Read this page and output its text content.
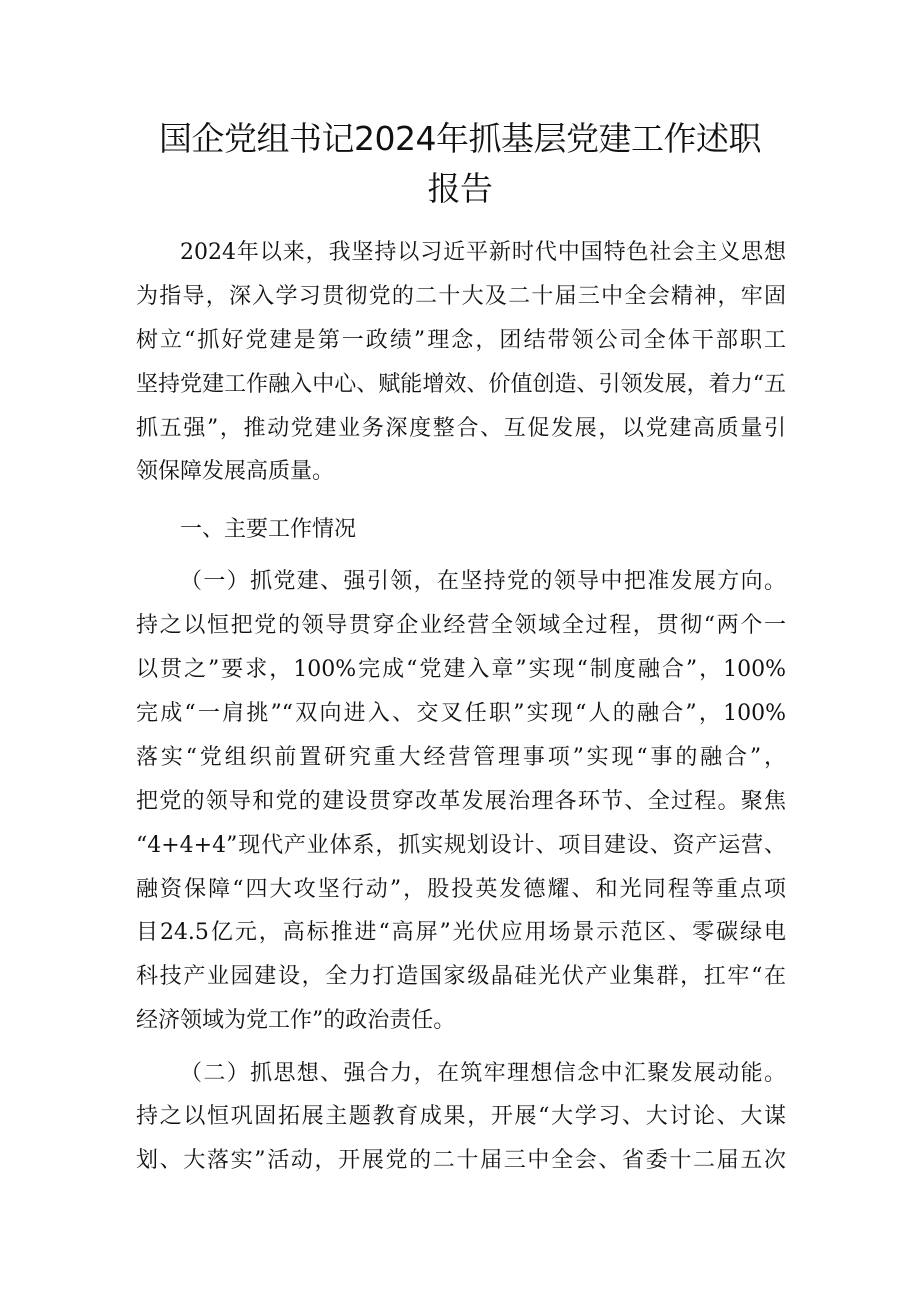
国企党组书记2024年抓基层党建工作述职
报告
2024年以来，我坚持以习近平新时代中国特色社会主义思想
为指导，深入学习贯彻党的二十大及二十届三中全会精神，牢固
树立“抓好党建是第一政绩”理念，团结带领公司全体干部职工
坚持党建工作融入中心、赋能增效、价值创造、引领发展，着力“五
抓五强”，推动党建业务深度整合、互促发展，以党建高质量引
领保障发展高质量。
一、主要工作情况
（一）抓党建、强引领，在坚持党的领导中把准发展方向。
持之以恒把党的领导贯穿企业经营全领域全过程，贯彻“两个一
以贯之”要求，100%完成“党建入章”实现“制度融合”，100%
完成“一肩挑”“双向进入、交叉任职”实现“人的融合”，100%
落实“党组织前置研究重大经营管理事项”实现“事的融合”，
把党的领导和党的建设贯穿改革发展治理各环节、全过程。聚焦
“4+4+4”现代产业体系，抓实规划设计、项目建设、资产运营、
融资保障“四大攻坚行动”，股投英发德耀、和光同程等重点项
目24.5亿元，高标推进“高屏”光伏应用场景示范区、零碳绿电
科技产业园建设，全力打造国家级晶硅光伏产业集群，扛牢“在
经济领域为党工作”的政治责任。
（二）抓思想、强合力，在筑牢理想信念中汇聚发展动能。
持之以恒巩固拓展主题教育成果，开展“大学习、大讨论、大谋
划、大落实”活动，开展党的二十届三中全会、省委十二届五次
